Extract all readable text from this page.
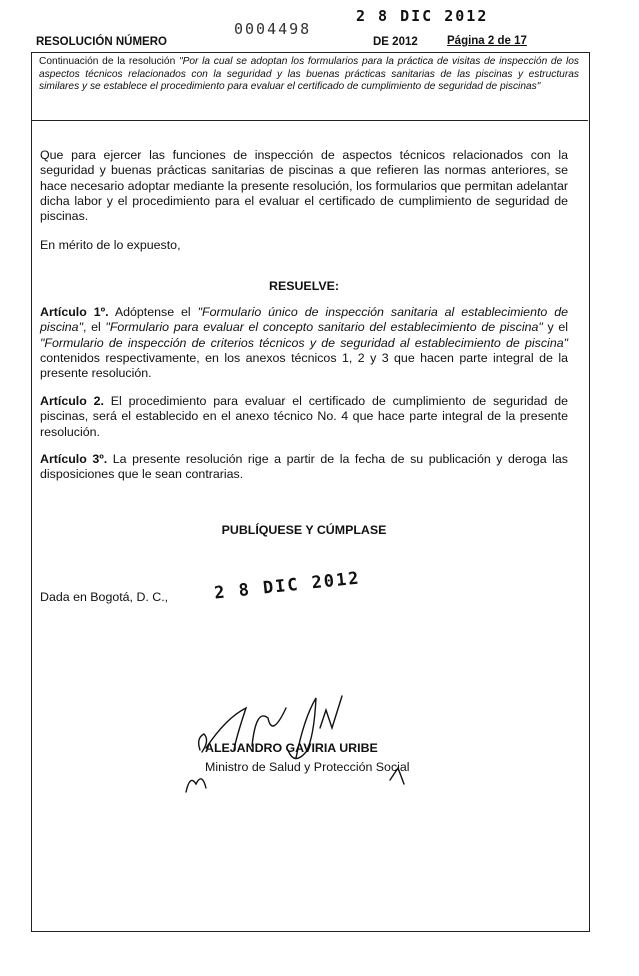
2 8 DIC 2012
0004498
RESOLUCIÓN NÚMERO	DE 2012	Página 2 de 17
Continuación de la resolución "Por la cual se adoptan los formularios para la práctica de visitas de inspección de los aspectos técnicos relacionados con la seguridad y las buenas prácticas sanitarias de las piscinas y estructuras similares y se establece el procedimiento para evaluar el certificado de cumplimiento de seguridad de piscinas"
Que para ejercer las funciones de inspección de aspectos técnicos relacionados con la seguridad y buenas prácticas sanitarias de piscinas a que refieren las normas anteriores, se hace necesario adoptar mediante la presente resolución, los formularios que permitan adelantar dicha labor y el procedimiento para el evaluar el certificado de cumplimiento de seguridad de piscinas.
En mérito de lo expuesto,
RESUELVE:
Artículo 1º. Adóptense el "Formulario único de inspección sanitaria al establecimiento de piscina", el "Formulario para evaluar el concepto sanitario del establecimiento de piscina" y el "Formulario de inspección de criterios técnicos y de seguridad al establecimiento de piscina" contenidos respectivamente, en los anexos técnicos 1, 2 y 3 que hacen parte integral de la presente resolución.
Artículo 2. El procedimiento para evaluar el certificado de cumplimiento de seguridad de piscinas, será el establecido en el anexo técnico No. 4 que hace parte integral de la presente resolución.
Artículo 3º. La presente resolución rige a partir de la fecha de su publicación y deroga las disposiciones que le sean contrarias.
PUBLÍQUESE Y CÚMPLASE
Dada en Bogotá, D. C.,	2 8 DIC 2012
ALEJANDRO GAVIRIA URIBE
Ministro de Salud y Protección Social
